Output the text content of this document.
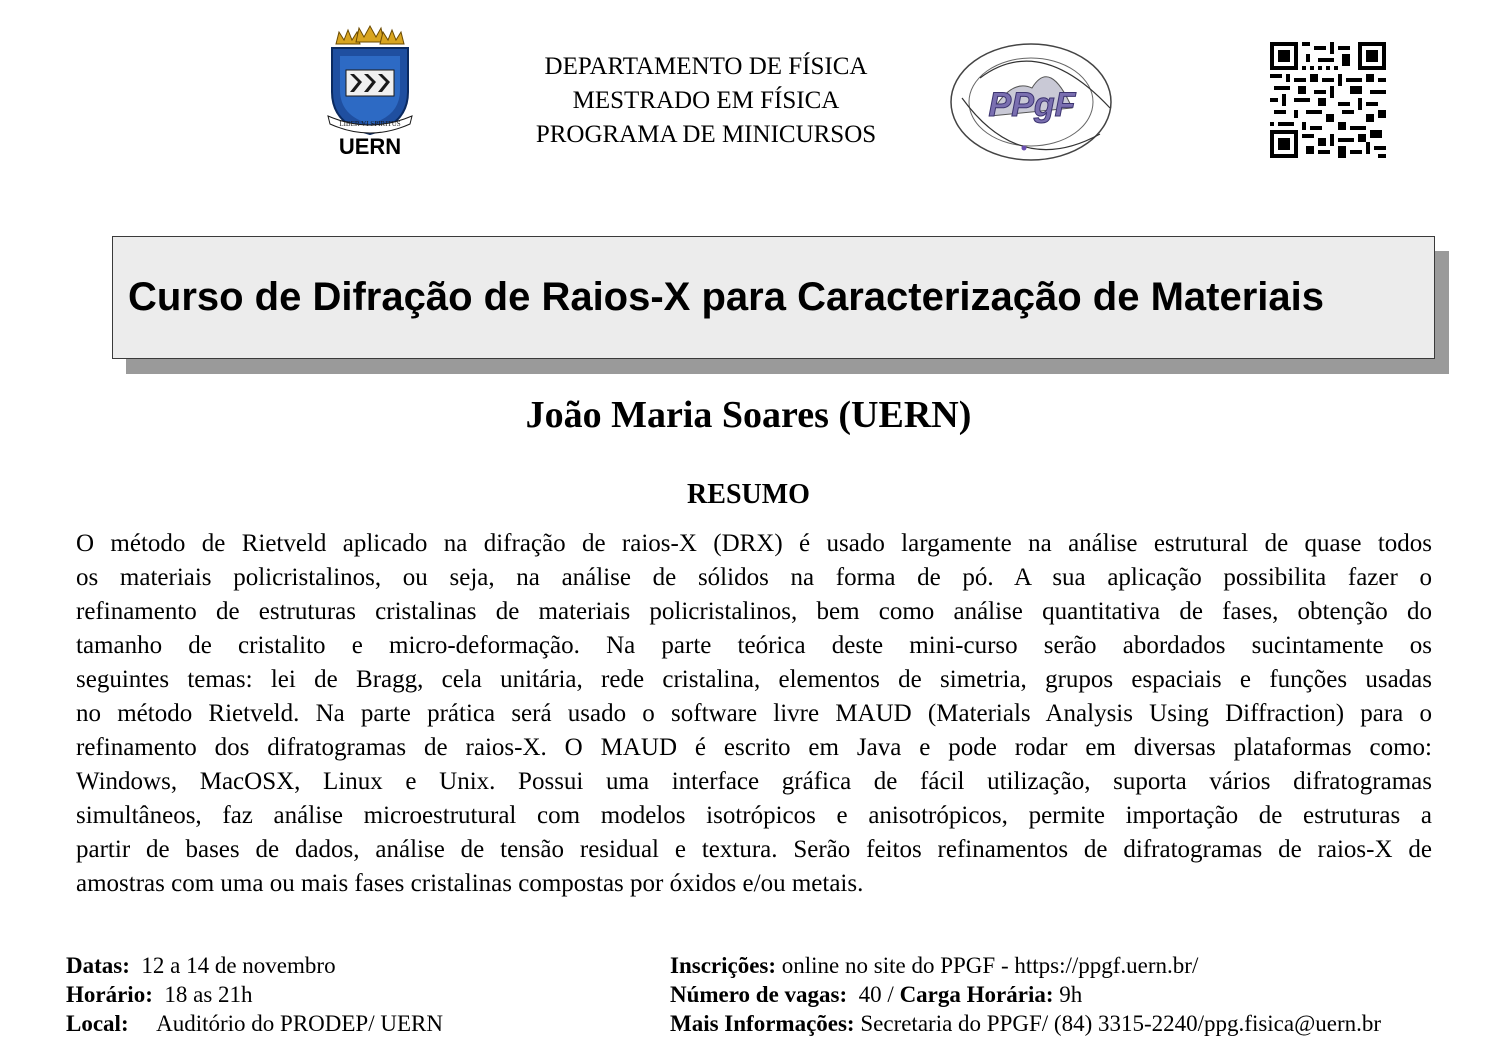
LIBER VI SPIRITUS
UERN
DEPARTAMENTO DE FÍSICA
MESTRADO EM FÍSICA
PROGRAMA DE MINICURSOS
PPgF
Curso de Difração de Raios-X para Caracterização de Materiais
João Maria Soares (UERN)
RESUMO
O método de Rietveld aplicado na difração de raios-X (DRX) é usado largamente na análise estrutural de quase todos
os materiais policristalinos, ou seja, na análise de sólidos na forma de pó. A sua aplicação possibilita fazer o
refinamento de estruturas cristalinas de materiais policristalinos, bem como análise quantitativa de fases, obtenção do
tamanho de cristalito e micro-deformação. Na parte teórica deste mini-curso serão abordados sucintamente os
seguintes temas: lei de Bragg, cela unitária, rede cristalina, elementos de simetria, grupos espaciais e funções usadas
no método Rietveld. Na parte prática será usado o software livre MAUD (Materials Analysis Using Diffraction) para o
refinamento dos difratogramas de raios-X. O MAUD é escrito em Java e pode rodar em diversas plataformas como:
Windows, MacOSX, Linux e Unix. Possui uma interface gráfica de fácil utilização, suporta vários difratogramas
simultâneos, faz análise microestrutural com modelos isotrópicos e anisotrópicos, permite importação de estruturas a
partir de bases de dados, análise de tensão residual e textura. Serão feitos refinamentos de difratogramas de raios-X de
amostras com uma ou mais fases cristalinas compostas por óxidos e/ou metais.
Datas: 12 a 14 de novembro
Horário: 18 as 21h
Local: Auditório do PRODEP/ UERN
Inscrições: online no site do PPGF - https://ppgf.uern.br/
Número de vagas: 40 / Carga Horária: 9h
Mais Informações: Secretaria do PPGF/ (84) 3315-2240/ppg.fisica@uern.br
